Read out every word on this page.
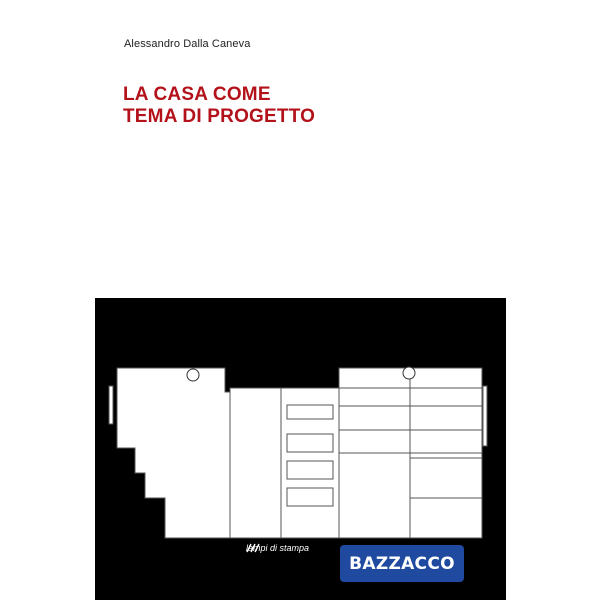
Alessandro Dalla Caneva
LA CASA COME
TEMA DI PROGETTO
lampi di stampa
BAZZACCO
